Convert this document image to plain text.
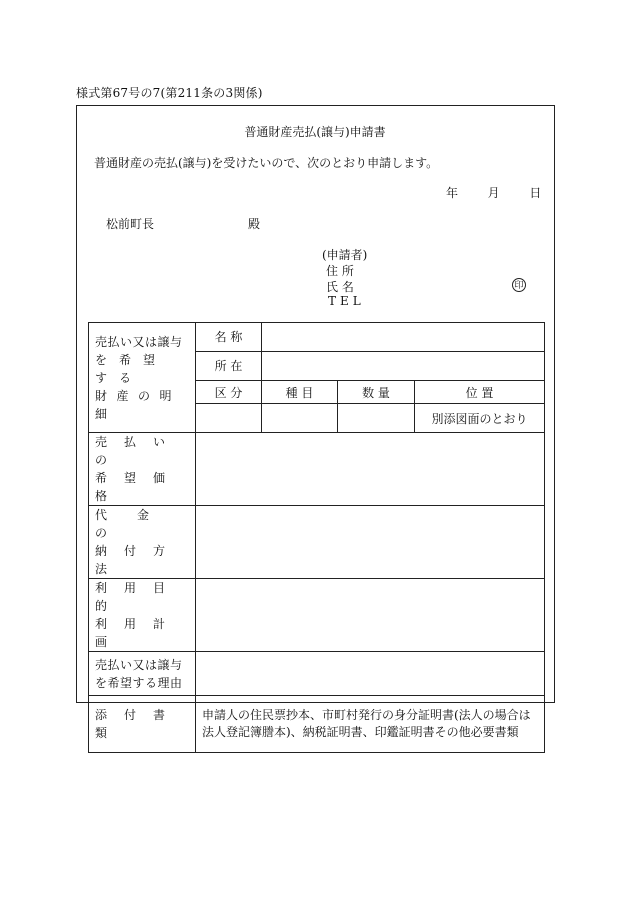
様式第67号の7(第211条の3関係)
普通財産売払(譲与)申請書
普通財産の売払(譲与)を受けたいので、次のとおり申請します。
年 月 日
松前町長	殿
(申請者)
住 所
氏 名
TEL
印
売払い又は譲与
を希望する
財産の明細	名 称			
	所 在			
	区 分	種 目	数 量	位 置
				別添図面のとおり

売払いの
希望価格				

代金の
納付方法				

利用目的
利用計画				

売払い又は譲与
を希望する理由				

添付書類	申請人の住民票抄本、市町村発行の身分証明書(法人の場合は法人登記簿謄本)、納税証明書、印鑑証明書その他必要書類			
